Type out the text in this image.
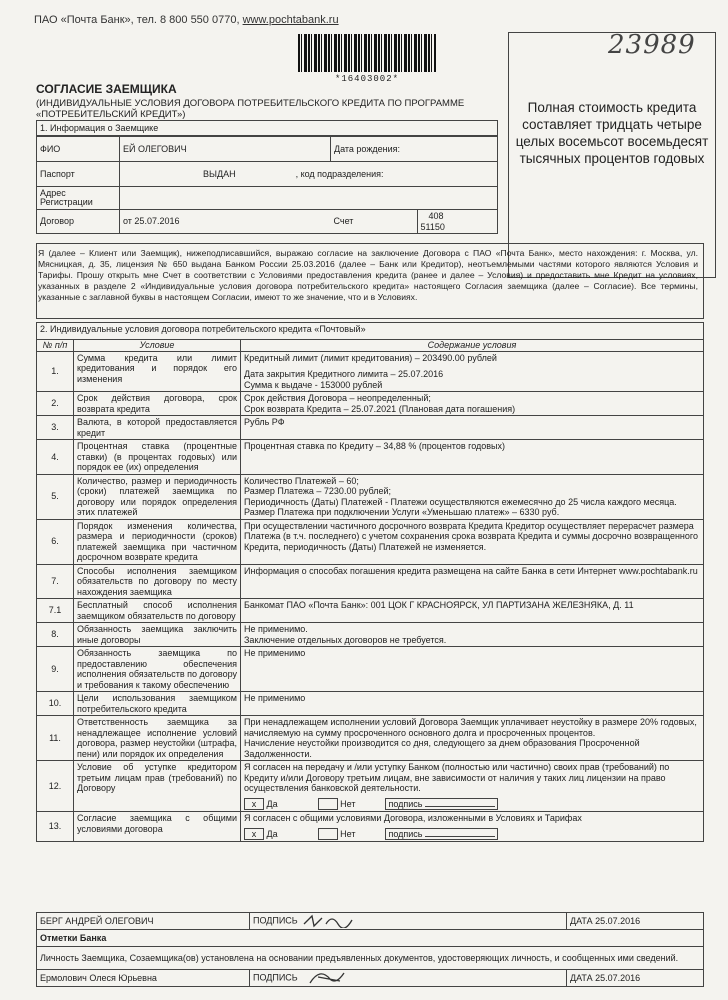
ПАО «Почта Банк», тел. 8 800 550 0770, www.pochtabank.ru
*16403002*
СОГЛАСИЕ ЗАЕМЩИКА
(ИНДИВИДУАЛЬНЫЕ УСЛОВИЯ ДОГОВОРА ПОТРЕБИТЕЛЬСКОГО КРЕДИТА ПО ПРОГРАММЕ «ПОТРЕБИТЕЛЬСКИЙ КРЕДИТ»)	Полная стоимость кредита составляет тридцать четыре целых восемьсот восемьдесят тысячных процентов годовых
23989
1. Информация о Заемщике
ФИО	ЕЙ ОЛЕГОВИЧ	Дата рождения:	
Паспорт	ВЫДАН , код подразделения:		
Адрес Регистрации			
Договор	от 25.07.2016	Счет	40851150
Я (далее – Клиент или Заемщик), нижеподписавшийся, выражаю согласие на заключение Договора с ПАО «Почта Банк», место нахождения: г. Москва, ул. Мясницкая, д. 35, лицензия № 650 выдана Банком России 25.03.2016 (далее – Банк или Кредитор), неотъемлемыми частями которого являются Условия и Тарифы. Прошу открыть мне Счет в соответствии с Условиями предоставления кредита (ранее и далее – Условия) и предоставить мне Кредит на условиях, указанных в разделе 2 «Индивидуальные условия договора потребительского кредита» настоящего Согласия заемщика (далее – Согласие). Все термины, указанные с заглавной буквы в настоящем Согласии, имеют то же значение, что и в Условиях.
2. Индивидуальные условия договора потребительского кредита «Почтовый»		
№ п/п	Условие	Содержание условия
1.	Сумма кредита или лимит кредитования и порядок его изменения	Кредитный лимит (лимит кредитования) – 203490.00 рублей
Дата закрытия Кредитного лимита – 25.07.2016
Сумма к выдаче - 153000 рублей

2.	Срок действия договора, срок возврата кредита	Срок действия Договора – неопределенный;
Срок возврата Кредита – 25.07.2021 (Плановая дата погашения)

3.	Валюта, в которой предоставляется кредит	Рубль РФ

4.	Процентная ставка (процентные ставки) (в процентах годовых) или порядок ее (их) определения	Процентная ставка по Кредиту – 34,88 % (процентов годовых)

5.	Количество, размер и периодичность (сроки) платежей заемщика по договору или порядок определения этих платежей	Количество Платежей – 60;
Размер Платежа – 7230.00 рублей;
Периодичность (Даты) Платежей - Платежи осуществляются ежемесячно до 25 числа каждого месяца.
Размер Платежа при подключении Услуги «Уменьшаю платеж» – 6330 руб.

6.	Порядок изменения количества, размера и периодичности (сроков) платежей заемщика при частичном досрочном возврате кредита	При осуществлении частичного досрочного возврата Кредита Кредитор осуществляет перерасчет размера Платежа (в т.ч. последнего) с учетом сохранения срока возврата Кредита и суммы досрочно возвращенного Кредита, периодичность (Даты) Платежей не изменяется.

7.	Способы исполнения заемщиком обязательств по договору по месту нахождения заемщика	Информация о способах погашения кредита размещена на сайте Банка в сети Интернет www.pochtabank.ru

7.1	Бесплатный способ исполнения заемщиком обязательств по договору	Банкомат ПАО «Почта Банк»: 001 ЦОК Г КРАСНОЯРСК, УЛ ПАРТИЗАНА ЖЕЛЕЗНЯКА, Д. 11

8.	Обязанность заемщика заключить иные договоры	Не применимо.
Заключение отдельных договоров не требуется.

9.	Обязанность заемщика по предоставлению обеспечения исполнения обязательств по договору и требования к такому обеспечению	Не применимо

10.	Цели использования заемщиком потребительского кредита	Не применимо

11.	Ответственность заемщика за ненадлежащее исполнение условий договора, размер неустойки (штрафа, пени) или порядок их определения	При ненадлежащем исполнении условий Договора Заемщик уплачивает неустойку в размере 20% годовых, начисляемую на сумму просроченного основного долга и просроченных процентов.
Начисление неустойки производится со дня, следующего за днем образования Просроченной Задолженности.

12.	Условие об уступке кредитором третьим лицам прав (требований) по Договору	Я согласен на передачу и /или уступку Банком (полностью или частично) своих прав (требований) по Кредиту и/или Договору третьим лицам, вне зависимости от наличия у таких лиц лицензии на право осуществления банковской деятельности.
x Да Нет подпись

13.	Согласие заемщика с общими условиями договора	Я согласен с общими условиями Договора, изложенными в Условиях и Тарифах
x Да Нет подпись
БЕРГ АНДРЕЙ ОЛЕГОВИЧ	ПОДПИСЬ	ДАТА 25.07.2016
Отметки Банка		
Личность Заемщика, Созаемщика(ов) установлена на основании предъявленных документов, удостоверяющих личность, и сообщенных ими сведений.		
Ермолович Олеся Юрьевна	ПОДПИСЬ	ДАТА 25.07.2016
